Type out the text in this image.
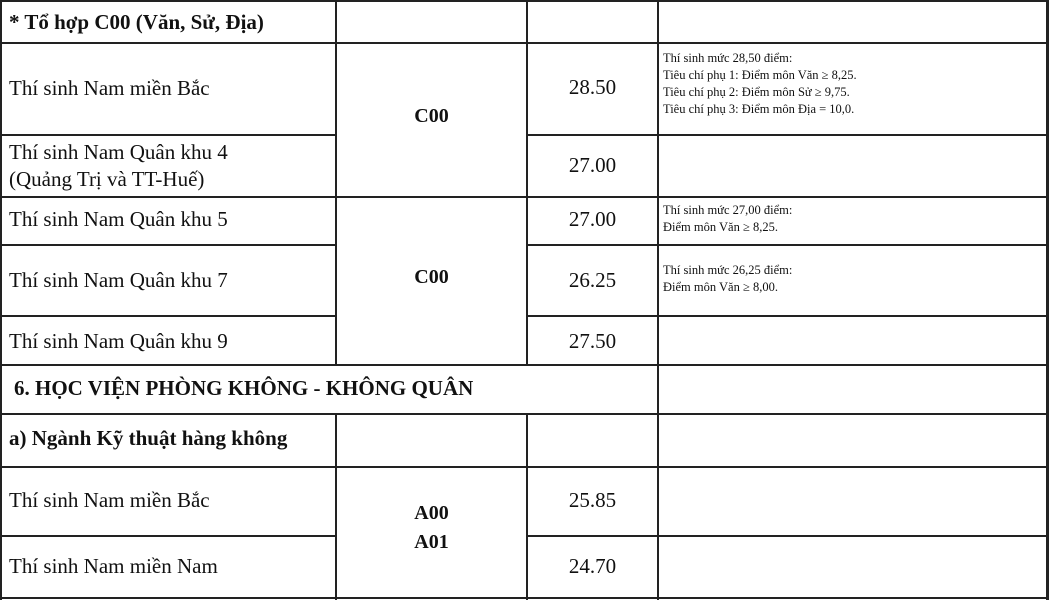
* Tổ hợp C00 (Văn, Sử, Địa)
6. HỌC VIỆN PHÒNG KHÔNG - KHÔNG QUÂN
a) Ngành Kỹ thuật hàng không
Thí sinh Nam miền Bắc
Thí sinh Nam Quân khu 4
(Quảng Trị và TT-Huế)
Thí sinh Nam Quân khu 5
Thí sinh Nam Quân khu 7
Thí sinh Nam Quân khu 9
Thí sinh Nam miền Bắc
Thí sinh Nam miền Nam
C00
C00
A00
A01
28.50
27.00
27.00
26.25
27.50
25.85
24.70
Thí sinh mức 28,50 điểm:
Tiêu chí phụ 1: Điểm môn Văn ≥ 8,25.
Tiêu chí phụ 2: Điểm môn Sử ≥ 9,75.
Tiêu chí phụ 3: Điểm môn Địa = 10,0.
Thí sinh mức 27,00 điểm:
Điểm môn Văn ≥ 8,25.
Thí sinh mức 26,25 điểm:
Điểm môn Văn ≥ 8,00.
